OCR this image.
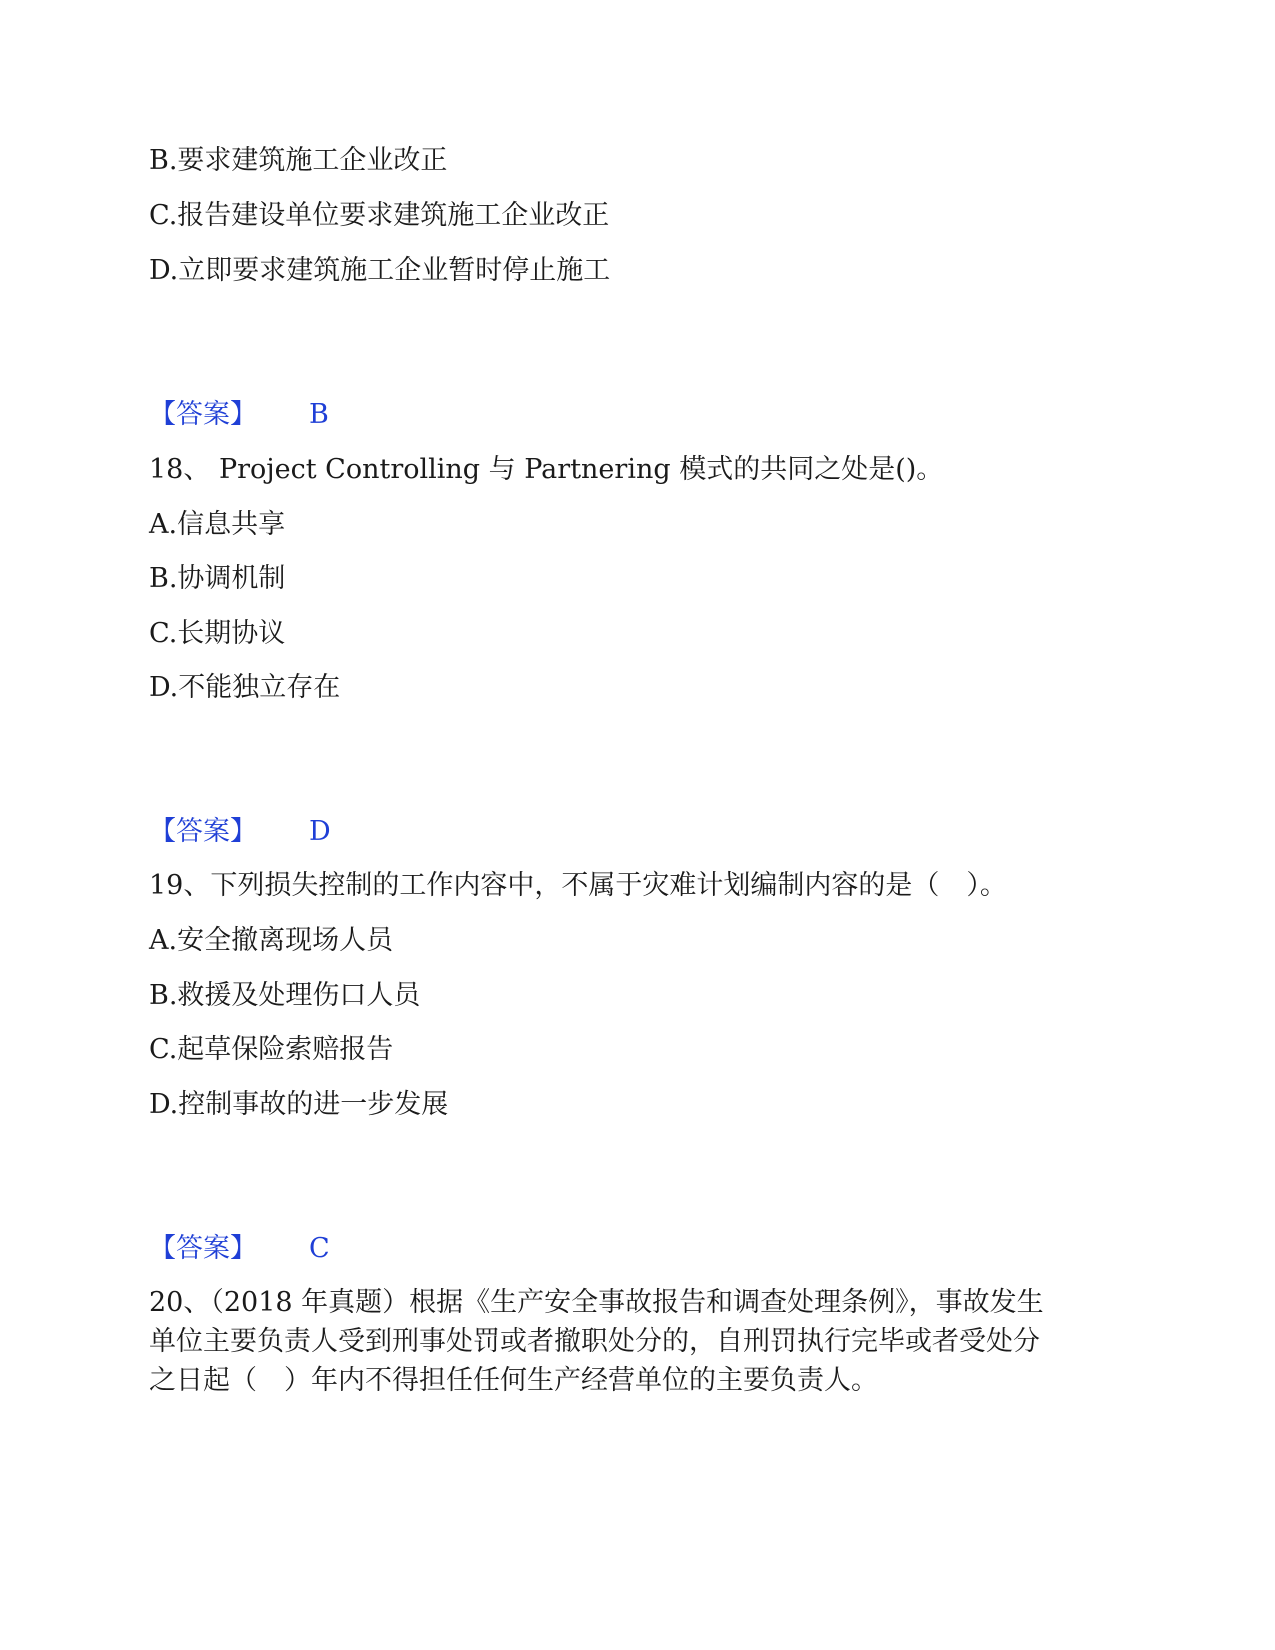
B.要求建筑施工企业改正
C.报告建设单位要求建筑施工企业改正
D.立即要求建筑施工企业暂时停止施工
【答案】 B
18、 Project Controlling 与 Partnering 模式的共同之处是()。
A.信息共享
B.协调机制
C.长期协议
D.不能独立存在
【答案】 D
19、下列损失控制的工作内容中，不属于灾难计划编制内容的是（　）。
A.安全撤离现场人员
B.救援及处理伤口人员
C.起草保险索赔报告
D.控制事故的进一步发展
【答案】 C
20、（2018 年真题）根据《生产安全事故报告和调查处理条例》，事故发生
单位主要负责人受到刑事处罚或者撤职处分的，自刑罚执行完毕或者受处分
之日起（　）年内不得担任任何生产经营单位的主要负责人。
